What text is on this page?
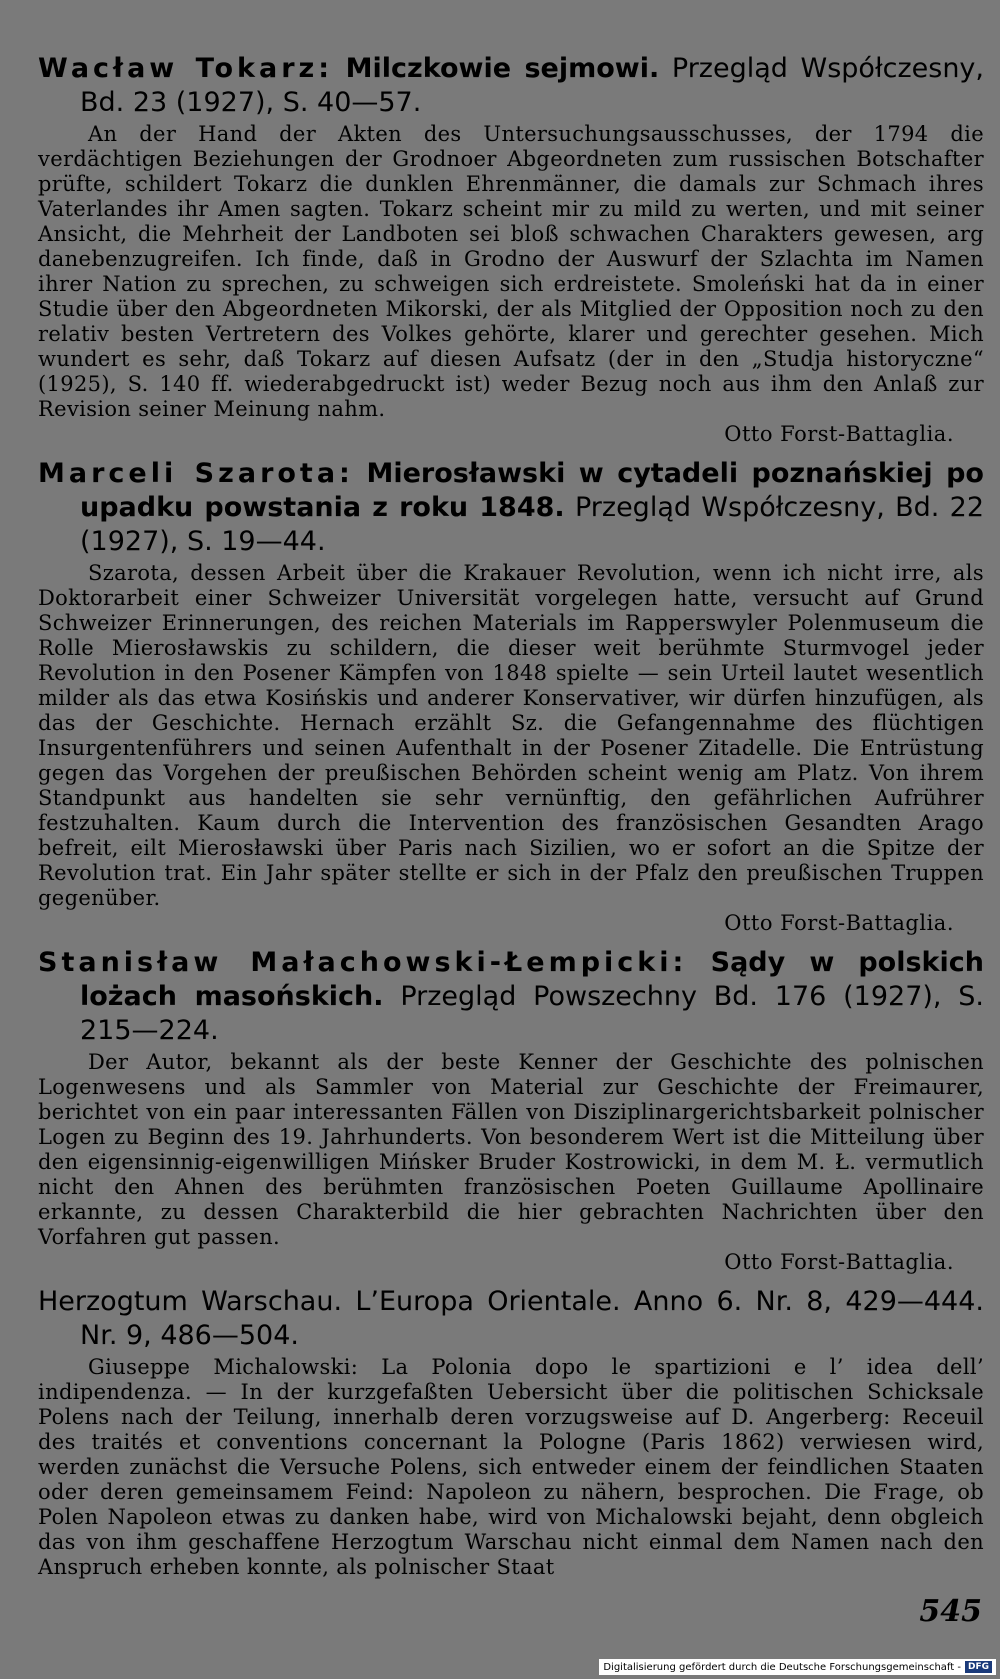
Wacław Tokarz: Milczkowie sejmowi. Przegląd Współczesny, Bd. 23 (1927), S. 40—57.

An der Hand der Akten des Untersuchungsausschusses, der 1794 die verdächtigen Beziehungen der Grodnoer Abgeordneten zum russischen Botschafter prüfte, schildert Tokarz die dunklen Ehrenmänner, die damals zur Schmach ihres Vaterlandes ihr Amen sagten. Tokarz scheint mir zu mild zu werten, und mit seiner Ansicht, die Mehrheit der Landboten sei bloß schwachen Charakters gewesen, arg danebenzugreifen. Ich finde, daß in Grodno der Auswurf der Szlachta im Namen ihrer Nation zu sprechen, zu schweigen sich erdreistete. Smoleński hat da in einer Studie über den Abgeordneten Mikorski, der als Mitglied der Opposition noch zu den relativ besten Vertretern des Volkes gehörte, klarer und gerechter gesehen. Mich wundert es sehr, daß Tokarz auf diesen Aufsatz (der in den „Studja historyczne“ (1925), S. 140 ff. wiederabgedruckt ist) weder Bezug noch aus ihm den Anlaß zur Revision seiner Meinung nahm.

Otto Forst-Battaglia.
Marceli Szarota: Mierosławski w cytadeli poznańskiej po upadku powstania z roku 1848. Przegląd Współczesny, Bd. 22 (1927), S. 19—44.

Szarota, dessen Arbeit über die Krakauer Revolution, wenn ich nicht irre, als Doktorarbeit einer Schweizer Universität vorgelegen hatte, versucht auf Grund Schweizer Erinnerungen, des reichen Materials im Rapperswyler Polenmuseum die Rolle Mierosławskis zu schildern, die dieser weit berühmte Sturmvogel jeder Revolution in den Posener Kämpfen von 1848 spielte — sein Urteil lautet wesentlich milder als das etwa Kosińskis und anderer Konservativer, wir dürfen hinzufügen, als das der Geschichte. Hernach erzählt Sz. die Gefangennahme des flüchtigen Insurgentenführers und seinen Aufenthalt in der Posener Zitadelle. Die Entrüstung gegen das Vorgehen der preußischen Behörden scheint wenig am Platz. Von ihrem Standpunkt aus handelten sie sehr vernünftig, den gefährlichen Aufrührer festzuhalten. Kaum durch die Intervention des französischen Gesandten Arago befreit, eilt Mierosławski über Paris nach Sizilien, wo er sofort an die Spitze der Revolution trat. Ein Jahr später stellte er sich in der Pfalz den preußischen Truppen gegenüber.

Otto Forst-Battaglia.
Stanisław Małachowski-Łempicki: Sądy w polskich lożach masońskich. Przegląd Powszechny Bd. 176 (1927), S. 215—224.

Der Autor, bekannt als der beste Kenner der Geschichte des polnischen Logenwesens und als Sammler von Material zur Geschichte der Freimaurer, berichtet von ein paar interessanten Fällen von Disziplinargerichtsbarkeit polnischer Logen zu Beginn des 19. Jahrhunderts. Von besonderem Wert ist die Mitteilung über den eigensinnig-eigenwilligen Mińsker Bruder Kostrowicki, in dem M. Ł. vermutlich nicht den Ahnen des berühmten französischen Poeten Guillaume Apollinaire erkannte, zu dessen Charakterbild die hier gebrachten Nachrichten über den Vorfahren gut passen.

Otto Forst-Battaglia.
Herzogtum Warschau. L’Europa Orientale. Anno 6. Nr. 8, 429—444. Nr. 9, 486—504.

Giuseppe Michalowski: La Polonia dopo le spartizioni e l’ idea dell’ indipendenza. — In der kurzgefaßten Uebersicht über die politischen Schicksale Polens nach der Teilung, innerhalb deren vorzugsweise auf D. Angerberg: Receuil des traités et conventions concernant la Pologne (Paris 1862) verwiesen wird, werden zunächst die Versuche Polens, sich entweder einem der feindlichen Staaten oder deren gemeinsamem Feind: Napoleon zu nähern, besprochen. Die Frage, ob Polen Napoleon etwas zu danken habe, wird von Michalowski bejaht, denn obgleich das von ihm geschaffene Herzogtum Warschau nicht einmal dem Namen nach den Anspruch erheben konnte, als polnischer Staat

545
Digitalisierung gefördert durch die Deutsche Forschungsgemeinschaft - DFG
